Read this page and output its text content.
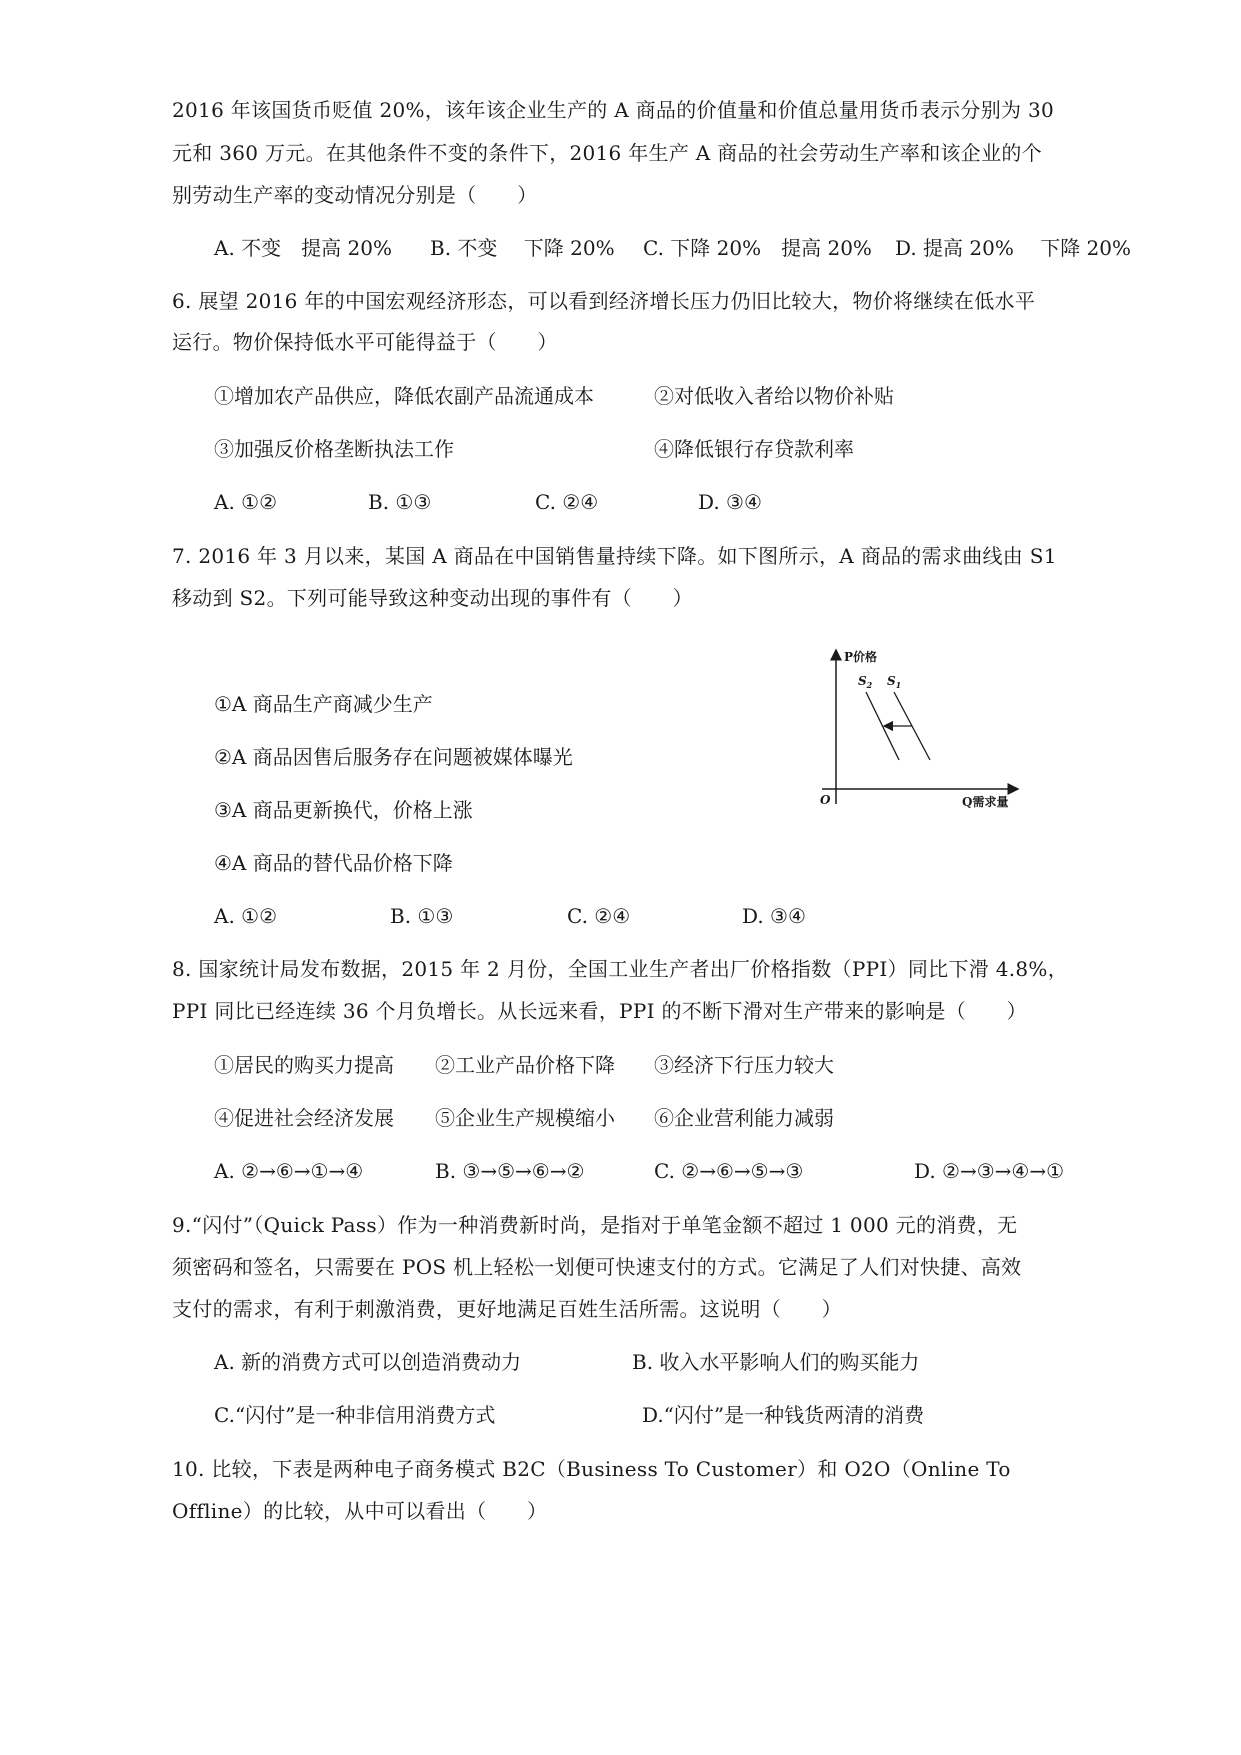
2016 年该国货币贬值 20%，该年该企业生产的 A 商品的价值量和价值总量用货币表示分别为 30
元和 360 万元。在其他条件不变的条件下，2016 年生产 A 商品的社会劳动生产率和该企业的个
别劳动生产率的变动情况分别是（　　）
A. 不变　提高 20% B. 不变　 下降 20% C. 下降 20%　提高 20% D. 提高 20%　 下降 20%
6. 展望 2016 年的中国宏观经济形态，可以看到经济增长压力仍旧比较大，物价将继续在低水平
运行。物价保持低水平可能得益于（　　）
①增加农产品供应，降低农副产品流通成本	②对低收入者给以物价补贴
③加强反价格垄断执法工作	④降低银行存贷款利率
A. ①②	B. ①③	C. ②④	D. ③④
7. 2016 年 3 月以来，某国 A 商品在中国销售量持续下降。如下图所示，A 商品的需求曲线由 S1
移动到 S2。下列可能导致这种变动出现的事件有（　　）
①A 商品生产商减少生产
②A 商品因售后服务存在问题被媒体曝光
③A 商品更新换代，价格上涨
④A 商品的替代品价格下降
A. ①②	B. ①③	C. ②④	D. ③④
P价格
Q需求量
O
$S_2$ $S_1$
8. 国家统计局发布数据，2015 年 2 月份，全国工业生产者出厂价格指数（PPI）同比下滑 4.8%，
PPI 同比已经连续 36 个月负增长。从长远来看，PPI 的不断下滑对生产带来的影响是（　　）
①居民的购买力提高 ②工业产品价格下降 ③经济下行压力较大
④促进社会经济发展 ⑤企业生产规模缩小 ⑥企业营利能力减弱
A. ②→⑥→①→④	B. ③→⑤→⑥→②	C. ②→⑥→⑤→③	D. ②→③→④→①
9.“闪付”（Quick Pass）作为一种消费新时尚，是指对于单笔金额不超过 1 000 元的消费，无
须密码和签名，只需要在 POS 机上轻松一划便可快速支付的方式。它满足了人们对快捷、高效
支付的需求，有利于刺激消费，更好地满足百姓生活所需。这说明（　　）
A. 新的消费方式可以创造消费动力	B. 收入水平影响人们的购买能力
C.“闪付”是一种非信用消费方式	D.“闪付”是一种钱货两清的消费
10. 比较，下表是两种电子商务模式 B2C（Business To Customer）和 O2O（Online To
Offline）的比较，从中可以看出（　　）
